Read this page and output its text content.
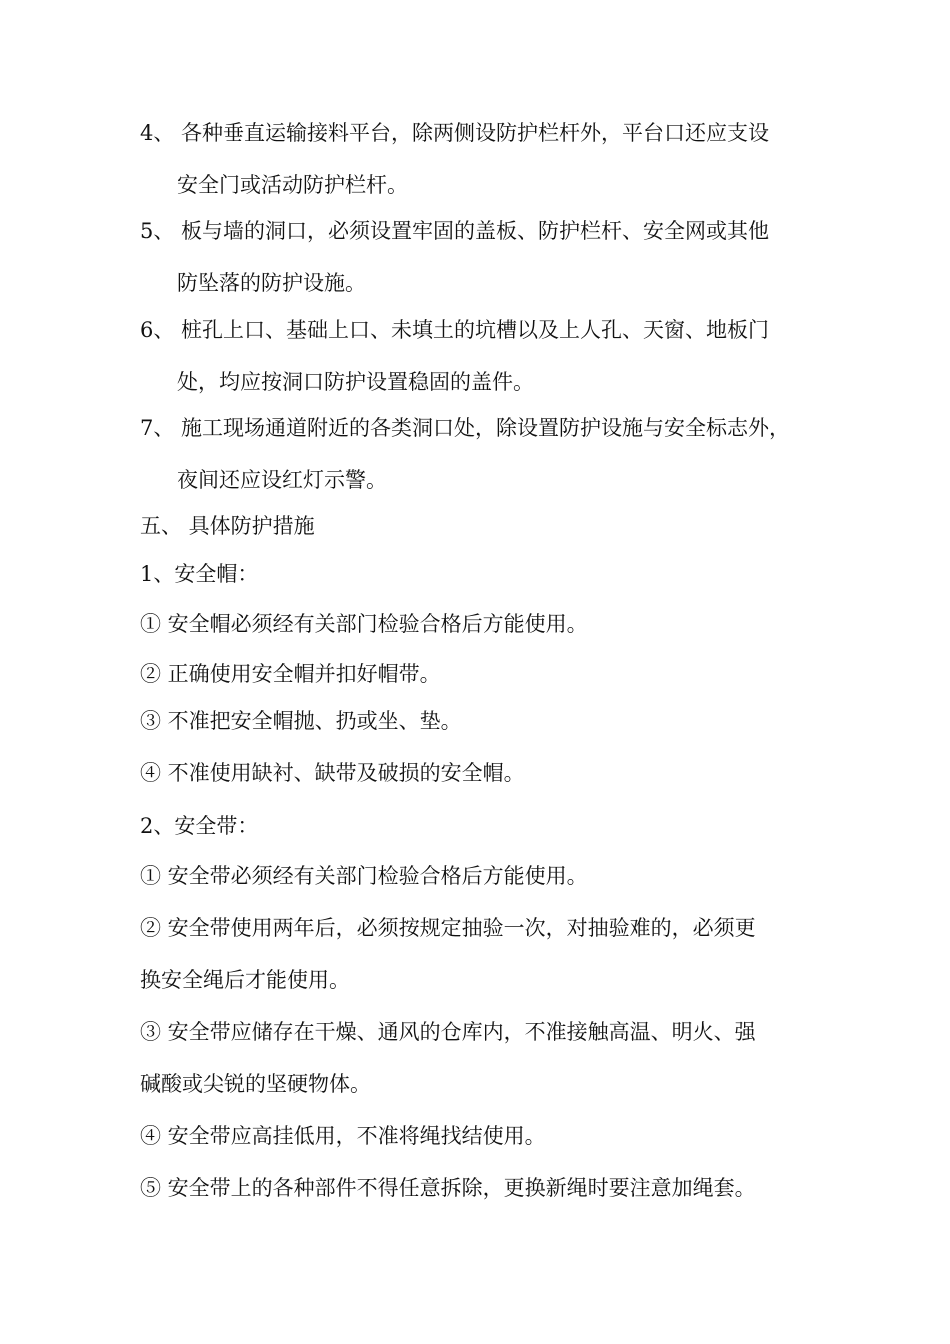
4、 各种垂直运输接料平台，除两侧设防护栏杆外，平台口还应支设
安全门或活动防护栏杆。
5、 板与墙的洞口，必须设置牢固的盖板、防护栏杆、安全网或其他
防坠落的防护设施。
6、 桩孔上口、基础上口、未填土的坑槽以及上人孔、天窗、地板门
处，均应按洞口防护设置稳固的盖件。
7、 施工现场通道附近的各类洞口处，除设置防护设施与安全标志外，
夜间还应设红灯示警。
五、 具体防护措施
1、安全帽：
① 安全帽必须经有关部门检验合格后方能使用。
② 正确使用安全帽并扣好帽带。
③ 不准把安全帽抛、扔或坐、垫。
④ 不准使用缺衬、缺带及破损的安全帽。
2、安全带：
① 安全带必须经有关部门检验合格后方能使用。
② 安全带使用两年后，必须按规定抽验一次，对抽验难的，必须更
换安全绳后才能使用。
③ 安全带应储存在干燥、通风的仓库内，不准接触高温、明火、强
碱酸或尖锐的坚硬物体。
④ 安全带应高挂低用，不准将绳找结使用。
⑤ 安全带上的各种部件不得任意拆除，更换新绳时要注意加绳套。
